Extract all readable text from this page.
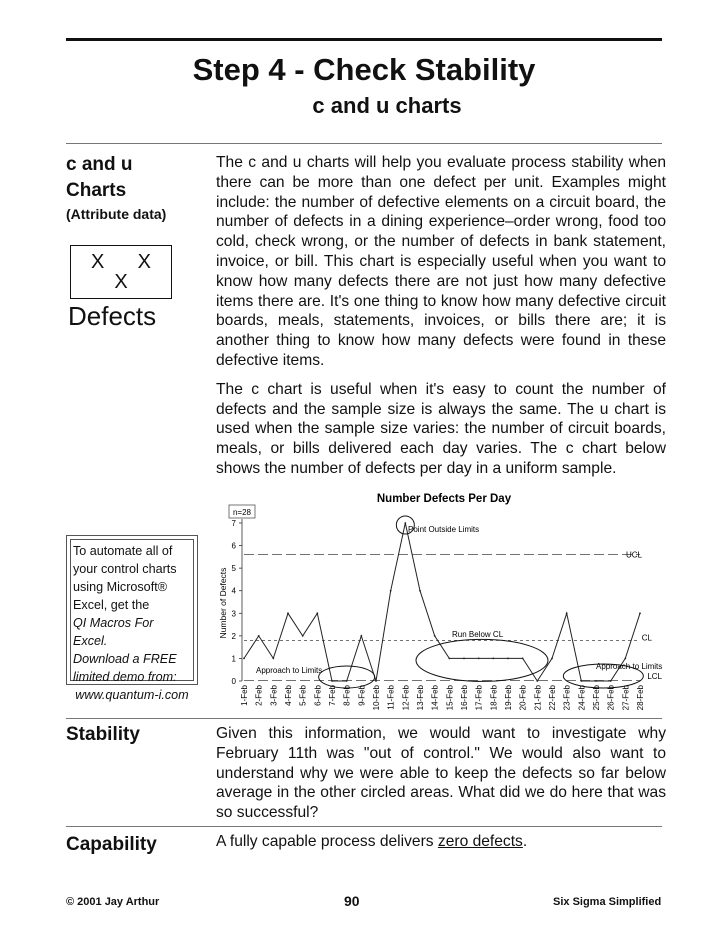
Step 4 - Check Stability
c and u charts
c and u
Charts
(Attribute data)
X X
X
Defects

The c and u charts will help you evaluate process stability when there can be more than one defect per unit. Examples might include: the number of defective elements on a circuit board, the number of defects in a dining experience–order wrong, food too cold, check wrong, or the number of defects in bank statement, invoice, or bill. This chart is especially useful when you want to know how many defects there are not just how many defective items there are. It's one thing to know how many defective circuit boards, meals, statements, invoices, or bills there are; it is another thing to know how many defects were found in these defective items.

The c chart is useful when it's easy to count the number of defects and the sample size is always the same. The u chart is used when the sample size varies: the number of circuit boards, meals, or bills delivered each day varies. The c chart below shows the number of defects per day in a uniform sample.

To automate all of
your control charts
using Microsoft®
Excel, get the
QI Macros For Excel.
Download a FREE
limited demo from:
www.quantum-i.com
Number Defects Per Day
n=28
Number of Defects
0
1
2
3
4
5
6
7
UCL
CL
LCL
1-Feb 2-Feb 3-Feb 4-Feb 5-Feb 6-Feb 7-Feb 8-Feb 9-Feb 10-Feb 11-Feb 12-Feb 13-Feb 14-Feb 15-Feb 16-Feb 17-Feb 18-Feb 19-Feb 20-Feb 21-Feb 22-Feb 23-Feb 24-Feb 25-Feb 26-Feb 27-Feb 28-Feb
Point Outside Limits
Run Below CL
Approach to Limits	Approach to Limits
Stability	Given this information, we would want to investigate why February 11th was "out of control." We would also want to understand why we were able to keep the defects so far below average in the other circled areas. What did we do here that was so successful?

Capability	A fully capable process delivers zero defects.
© 2001 Jay Arthur	90	Six Sigma Simplified
